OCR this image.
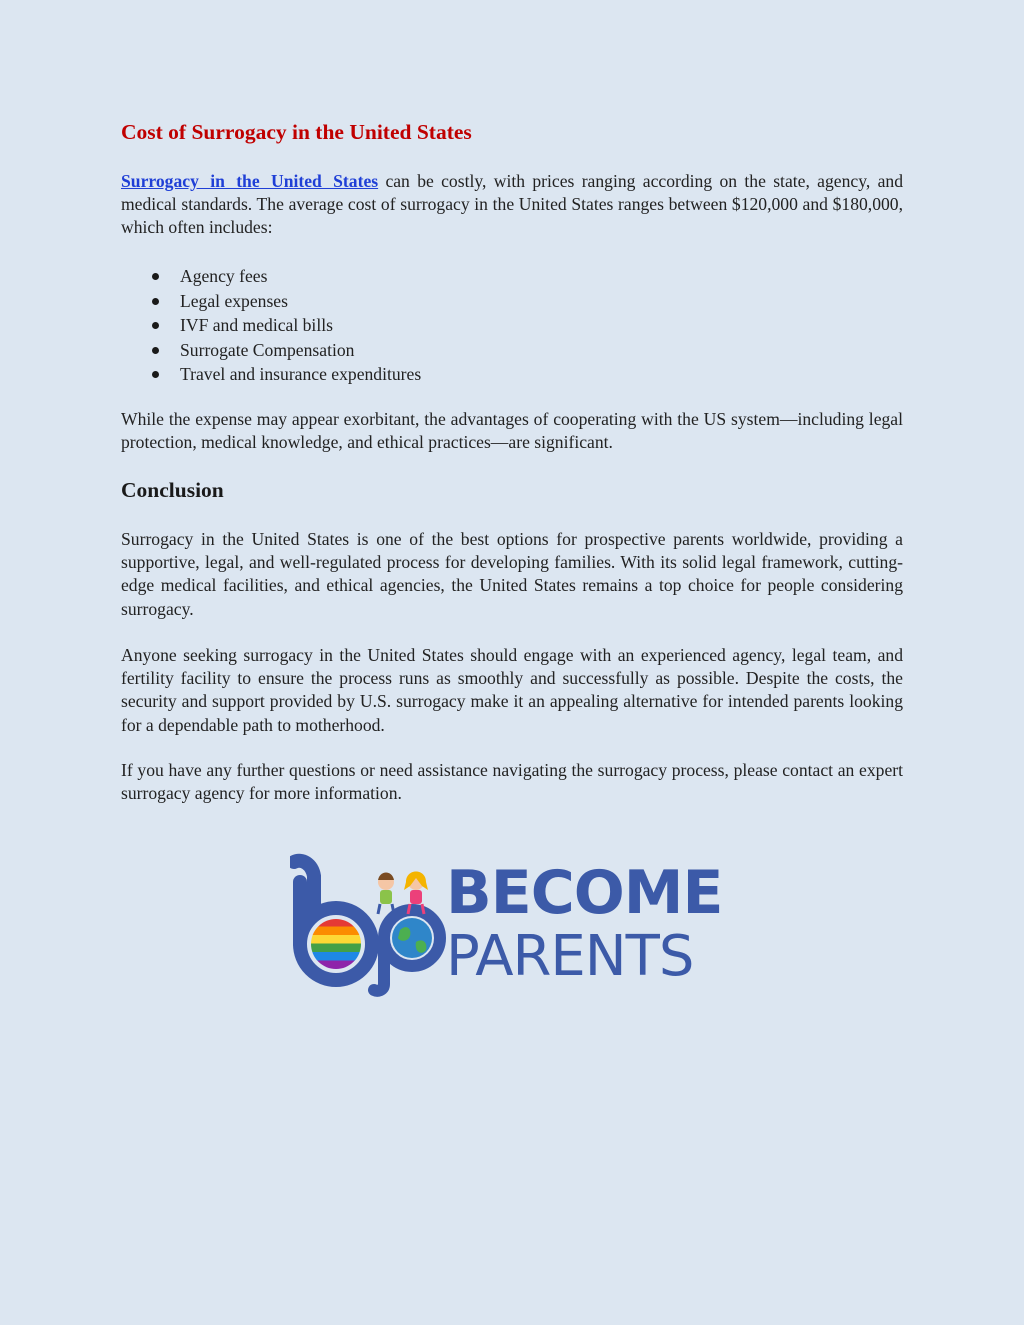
Cost of Surrogacy in the United States

Surrogacy in the United States can be costly, with prices ranging according on the state, agency, and medical standards. The average cost of surrogacy in the United States ranges between $120,000 and $180,000, which often includes:

Agency fees
Legal expenses
IVF and medical bills
Surrogate Compensation
Travel and insurance expenditures

While the expense may appear exorbitant, the advantages of cooperating with the US system—including legal protection, medical knowledge, and ethical practices—are significant.

Conclusion

Surrogacy in the United States is one of the best options for prospective parents worldwide, providing a supportive, legal, and well-regulated process for developing families. With its solid legal framework, cutting-edge medical facilities, and ethical agencies, the United States remains a top choice for people considering surrogacy.

Anyone seeking surrogacy in the United States should engage with an experienced agency, legal team, and fertility facility to ensure the process runs as smoothly and successfully as possible. Despite the costs, the security and support provided by U.S. surrogacy make it an appealing alternative for intended parents looking for a dependable path to motherhood.

If you have any further questions or need assistance navigating the surrogacy process, please contact an expert surrogacy agency for more information.

BECOME
PARENTS
